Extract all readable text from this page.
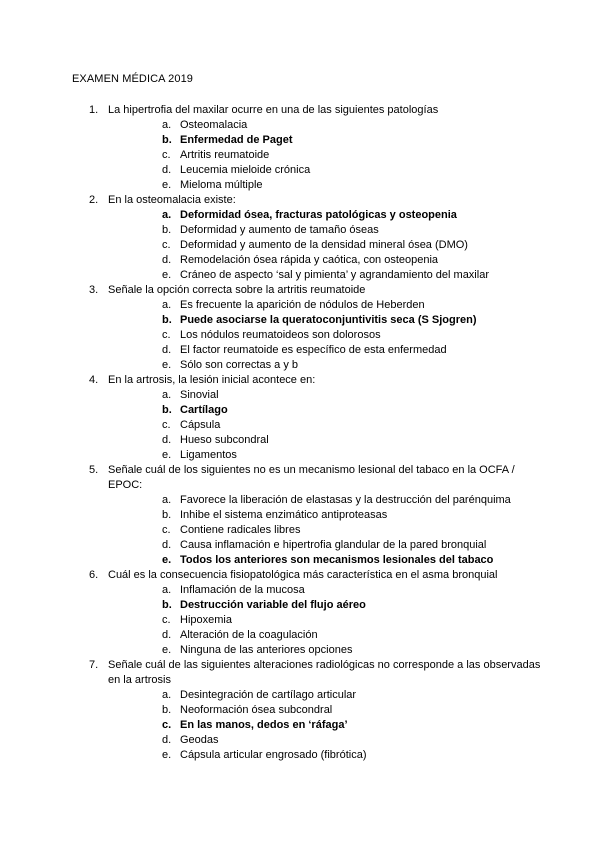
EXAMEN MÉDICA 2019
1. La hipertrofia del maxilar ocurre en una de las siguientes patologías
a. Osteomalacia
b. Enfermedad de Paget
c. Artritis reumatoide
d. Leucemia mieloide crónica
e. Mieloma múltiple
2. En la osteomalacia existe:
a. Deformidad ósea, fracturas patológicas y osteopenia
b. Deformidad y aumento de tamaño óseas
c. Deformidad y aumento de la densidad mineral ósea (DMO)
d. Remodelación ósea rápida y caótica, con osteopenia
e. Cráneo de aspecto ‘sal y pimienta’ y agrandamiento del maxilar
3. Señale la opción correcta sobre la artritis reumatoide
a. Es frecuente la aparición de nódulos de Heberden
b. Puede asociarse la queratoconjuntivitis seca (S Sjogren)
c. Los nódulos reumatoideos son dolorosos
d. El factor reumatoide es específico de esta enfermedad
e. Sólo son correctas a y b
4. En la artrosis, la lesión inicial acontece en:
a. Sinovial
b. Cartílago
c. Cápsula
d. Hueso subcondral
e. Ligamentos
5. Señale cuál de los siguientes no es un mecanismo lesional del tabaco en la OCFA / EPOC:
a. Favorece la liberación de elastasas y la destrucción del parénquima
b. Inhibe el sistema enzimático antiproteasas
c. Contiene radicales libres
d. Causa inflamación e hipertrofia glandular de la pared bronquial
e. Todos los anteriores son mecanismos lesionales del tabaco
6. Cuál es la consecuencia fisiopatológica más característica en el asma bronquial
a. Inflamación de la mucosa
b. Destrucción variable del flujo aéreo
c. Hipoxemia
d. Alteración de la coagulación
e. Ninguna de las anteriores opciones
7. Señale cuál de las siguientes alteraciones radiológicas no corresponde a las observadas en la artrosis
a. Desintegración de cartílago articular
b. Neoformación ósea subcondral
c. En las manos, dedos en ‘ráfaga’
d. Geodas
e. Cápsula articular engrosado (fibrótica)
